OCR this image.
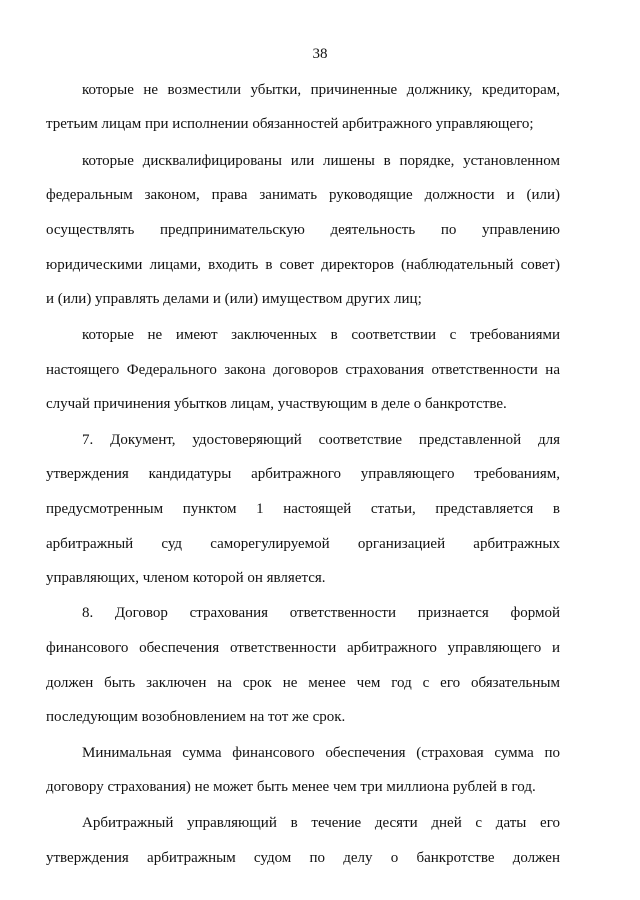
38
которые не возместили убытки, причиненные должнику, кредиторам,
третьим лицам при исполнении обязанностей арбитражного управляющего;
которые дисквалифицированы или лишены в порядке, установленном
федеральным законом, права занимать руководящие должности и (или)
осуществлять предпринимательскую деятельность по управлению
юридическими лицами, входить в совет директоров (наблюдательный совет)
и (или) управлять делами и (или) имуществом других лиц;
которые не имеют заключенных в соответствии с требованиями
настоящего Федерального закона договоров страхования ответственности на
случай причинения убытков лицам, участвующим в деле о банкротстве.
7. Документ, удостоверяющий соответствие представленной для
утверждения кандидатуры арбитражного управляющего требованиям,
предусмотренным пунктом 1 настоящей статьи, представляется в
арбитражный суд саморегулируемой организацией арбитражных
управляющих, членом которой он является.
8. Договор страхования ответственности признается формой
финансового обеспечения ответственности арбитражного управляющего и
должен быть заключен на срок не менее чем год с его обязательным
последующим возобновлением на тот же срок.
Минимальная сумма финансового обеспечения (страховая сумма по
договору страхования) не может быть менее чем три миллиона рублей в год.
Арбитражный управляющий в течение десяти дней с даты его
утверждения арбитражным судом по делу о банкротстве должен
